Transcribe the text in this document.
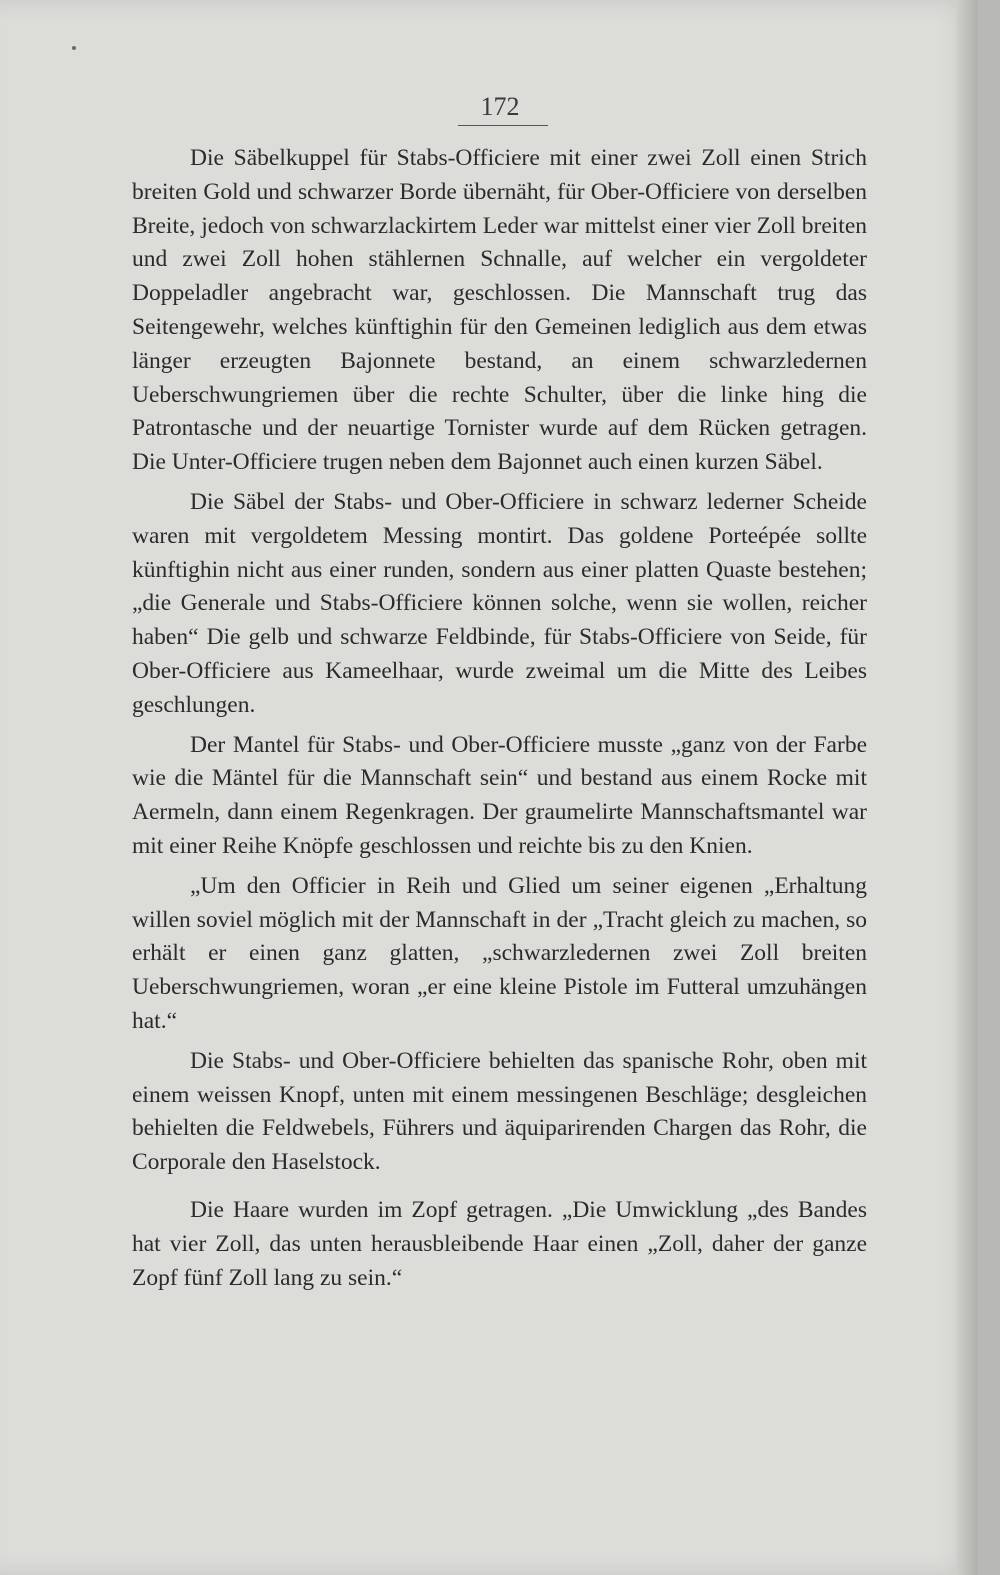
172

Die Säbelkuppel für Stabs-Officiere mit einer zwei Zoll einen Strich breiten Gold und schwarzer Borde übernäht, für Ober-Officiere von derselben Breite, jedoch von schwarzlackirtem Leder war mittelst einer vier Zoll breiten und zwei Zoll hohen stählernen Schnalle, auf welcher ein vergoldeter Doppeladler angebracht war, geschlossen. Die Mannschaft trug das Seitengewehr, welches künftighin für den Gemeinen lediglich aus dem etwas länger erzeugten Bajonnete bestand, an einem schwarzledernen Ueberschwungriemen über die rechte Schulter, über die linke hing die Patrontasche und der neuartige Tornister wurde auf dem Rücken getragen. Die Unter-Officiere trugen neben dem Bajonnet auch einen kurzen Säbel.

Die Säbel der Stabs- und Ober-Officiere in schwarz lederner Scheide waren mit vergoldetem Messing montirt. Das goldene Porteépée sollte künftighin nicht aus einer runden, sondern aus einer platten Quaste bestehen; „die Generale und Stabs-Officiere können solche, wenn sie wollen, reicher haben“ Die gelb und schwarze Feldbinde, für Stabs-Officiere von Seide, für Ober-Officiere aus Kameelhaar, wurde zweimal um die Mitte des Leibes geschlungen.

Der Mantel für Stabs- und Ober-Officiere musste „ganz von der Farbe wie die Mäntel für die Mannschaft sein“ und bestand aus einem Rocke mit Aermeln, dann einem Regenkragen. Der graumelirte Mannschaftsmantel war mit einer Reihe Knöpfe geschlossen und reichte bis zu den Knien.

„Um den Officier in Reih und Glied um seiner eigenen „Erhaltung willen soviel möglich mit der Mannschaft in der „Tracht gleich zu machen, so erhält er einen ganz glatten, „schwarzledernen zwei Zoll breiten Ueberschwungriemen, woran „er eine kleine Pistole im Futteral umzuhängen hat.“

Die Stabs- und Ober-Officiere behielten das spanische Rohr, oben mit einem weissen Knopf, unten mit einem messingenen Beschläge; desgleichen behielten die Feldwebels, Führers und äquiparirenden Chargen das Rohr, die Corporale den Haselstock.

Die Haare wurden im Zopf getragen. „Die Umwicklung „des Bandes hat vier Zoll, das unten herausbleibende Haar einen „Zoll, daher der ganze Zopf fünf Zoll lang zu sein.“
